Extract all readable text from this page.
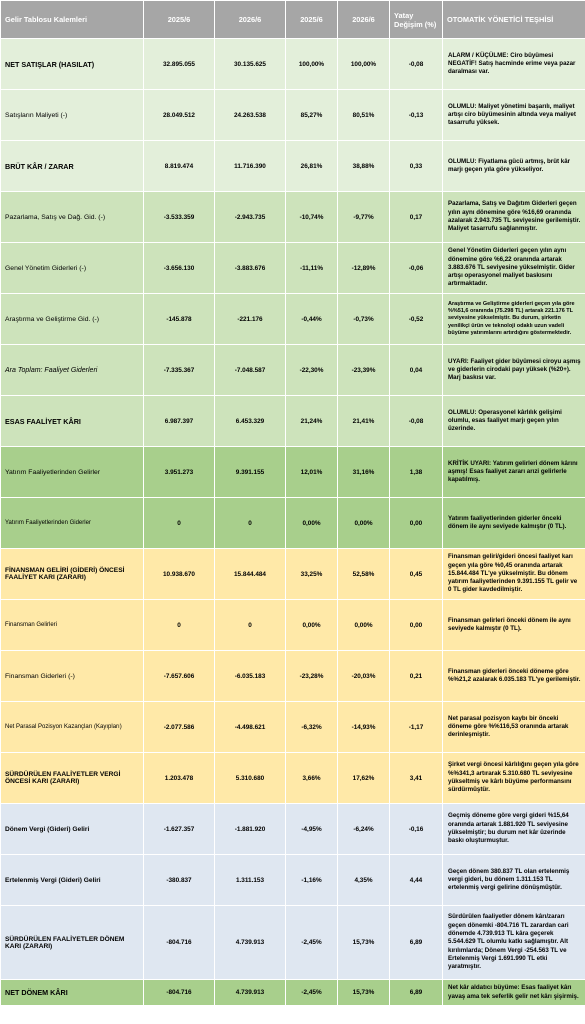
Gelir Tablosu Kalemleri	2025/6	2026/6	2025/6	2026/6	Yatay Değişim (%)	OTOMATİK YÖNETİCİ TEŞHİSİ
NET SATIŞLAR (HASILAT)	32.895.055	30.135.625	100,00%	100,00%	-0,08	ALARM / KÜÇÜLME: Ciro büyümesi NEGATİF! Satış hacminde erime veya pazar daralması var.
Satışların Maliyeti (-)	28.049.512	24.263.538	85,27%	80,51%	-0,13	OLUMLU: Maliyet yönetimi başarılı, maliyet artışı ciro büyümesinin altında veya maliyet tasarrufu yüksek.
BRÜT KÂR / ZARAR	8.819.474	11.716.390	26,81%	38,88%	0,33	OLUMLU: Fiyatlama gücü artmış, brüt kâr marjı geçen yıla göre yükseliyor.
Pazarlama, Satış ve Dağ. Gid. (-)	-3.533.359	-2.943.735	-10,74%	-9,77%	0,17	Pazarlama, Satış ve Dağıtım Giderleri geçen yılın aynı dönemine göre %16,69 oranında azalarak 2.943.735 TL seviyesine gerilemiştir. Maliyet tasarrufu sağlanmıştır.
Genel Yönetim Giderleri (-)	-3.656.130	-3.883.676	-11,11%	-12,89%	-0,06	Genel Yönetim Giderleri geçen yılın aynı dönemine göre %6,22 oranında artarak 3.883.676 TL seviyesine yükselmiştir. Gider artışı operasyonel maliyet baskısını artırmaktadır.
Araştırma ve Geliştirme Gid. (-)	-145.878	-221.176	-0,44%	-0,73%	-0,52	Araştırma ve Geliştirme giderleri geçen yıla göre %%51,6 oranında (75.298 TL) artarak 221.176 TL seviyesine yükselmiştir. Bu durum, şirketin yenilikçi ürün ve teknoloji odaklı uzun vadeli büyüme yatırımlarını artırdığını göstermektedir.
Ara Toplam: Faaliyet Giderleri	-7.335.367	-7.048.587	-22,30%	-23,39%	0,04	UYARI: Faaliyet gider büyümesi ciroyu aşmış ve giderlerin cirodaki payı yüksek (%20+). Marj baskısı var.
ESAS FAALİYET KÂRI	6.987.397	6.453.329	21,24%	21,41%	-0,08	OLUMLU: Operasyonel kârlılık gelişimi olumlu, esas faaliyet marjı geçen yılın üzerinde.
Yatırım Faaliyetlerinden Gelirler	3.951.273	9.391.155	12,01%	31,16%	1,38	KRİTİK UYARI: Yatırım gelirleri dönem kârını aşmış! Esas faaliyet zararı arızi gelirlerle kapatılmış.
Yatırım Faaliyetlerinden Giderler	0	0	0,00%	0,00%	0,00	Yatırım faaliyetlerinden giderler önceki dönem ile aynı seviyede kalmıştır (0 TL).
FİNANSMAN GELİRİ (GİDERİ) ÖNCESİ FAALİYET KARI (ZARARI)	10.938.670	15.844.484	33,25%	52,58%	0,45	Finansman geliri/gideri öncesi faaliyet karı geçen yıla göre %0,45 oranında artarak 15.844.484 TL'ye yükselmiştir. Bu dönem yatırım faaliyetlerinden 9.391.155 TL gelir ve 0 TL gider kavdedilmiştir.
Finansman Gelirleri	0	0	0,00%	0,00%	0,00	Finansman gelirleri önceki dönem ile aynı seviyede kalmıştır (0 TL).
Finansman Giderleri (-)	-7.657.606	-6.035.183	-23,28%	-20,03%	0,21	Finansman giderleri önceki döneme göre %%21,2 azalarak 6.035.183 TL'ye gerilemiştir.
Net Parasal Pozisyon Kazançları (Kayıpları)	-2.077.586	-4.498.621	-6,32%	-14,93%	-1,17	Net parasal pozisyon kaybı bir önceki döneme göre %%116,53 oranında artarak derinleşmiştir.
SÜRDÜRÜLEN FAALİYETLER VERGİ ÖNCESİ KARI (ZARARI)	1.203.478	5.310.680	3,66%	17,62%	3,41	Şirket vergi öncesi kârlılığını geçen yıla göre %%341,3 artırarak 5.310.680 TL seviyesine yükseltmiş ve kârlı büyüme performansını sürdürmüştür.
Dönem Vergi (Gideri) Geliri	-1.627.357	-1.881.920	-4,95%	-6,24%	-0,16	Geçmiş döneme göre vergi gideri %15,64 oranında artarak 1.881.920 TL seviyesine yükselmiştir; bu durum net kâr üzerinde baskı oluşturmuştur.
Ertelenmiş Vergi (Gideri) Geliri	-380.837	1.311.153	-1,16%	4,35%	4,44	Geçen dönem 380.837 TL olan ertelenmiş vergi gideri, bu dönem 1.311.153 TL ertelenmiş vergi gelirine dönüşmüştür.
SÜRDÜRÜLEN FAALİYETLER DÖNEM KARI (ZARARI)	-804.716	4.739.913	-2,45%	15,73%	6,89	Sürdürülen faaliyetler dönem kârı/zararı geçen dönemki -804.716 TL zarardan cari dönemde 4.739.913 TL kâra geçerek 5.544.629 TL olumlu katkı sağlamıştır. Alt kırılımlarda; Dönem Vergi -254.563 TL ve Ertelenmiş Vergi 1.691.990 TL etki yaratmıştır.
NET DÖNEM KÂRI	-804.716	4.739.913	-2,45%	15,73%	6,89	Net kâr aldatıcı büyüme: Esas faaliyet kârı yavaş ama tek seferlik gelir net kârı şişirmiş.
